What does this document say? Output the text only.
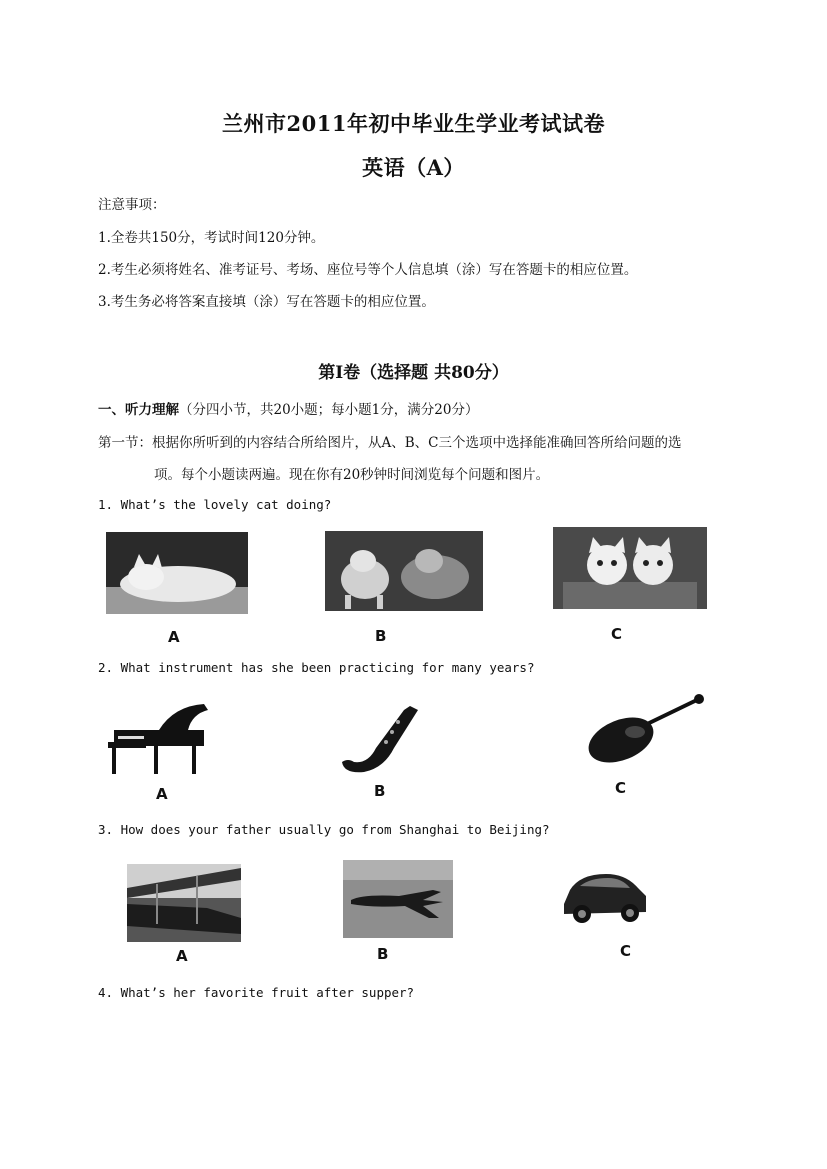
兰州市2011年初中毕业生学业考试试卷
英语（A）
注意事项：
1.全卷共150分，考试时间120分钟。
2.考生必须将姓名、准考证号、考场、座位号等个人信息填（涂）写在答题卡的相应位置。
3.考生务必将答案直接填（涂）写在答题卡的相应位置。
第Ⅰ卷（选择题 共80分）
一、听力理解（分四小节，共20小题；每小题1分，满分20分）
第一节：根据你所听到的内容结合所给图片，从A、B、C三个选项中选择能准确回答所给问题的选
项。每个小题读两遍。现在你有20秒钟时间浏览每个问题和图片。
1. What’s the lovely cat doing?
A	B	C
2. What instrument has she been practicing for many years?
A	B	C
3. How does your father usually go from Shanghai to Beijing?
A	B	C
4. What’s her favorite fruit after supper?
